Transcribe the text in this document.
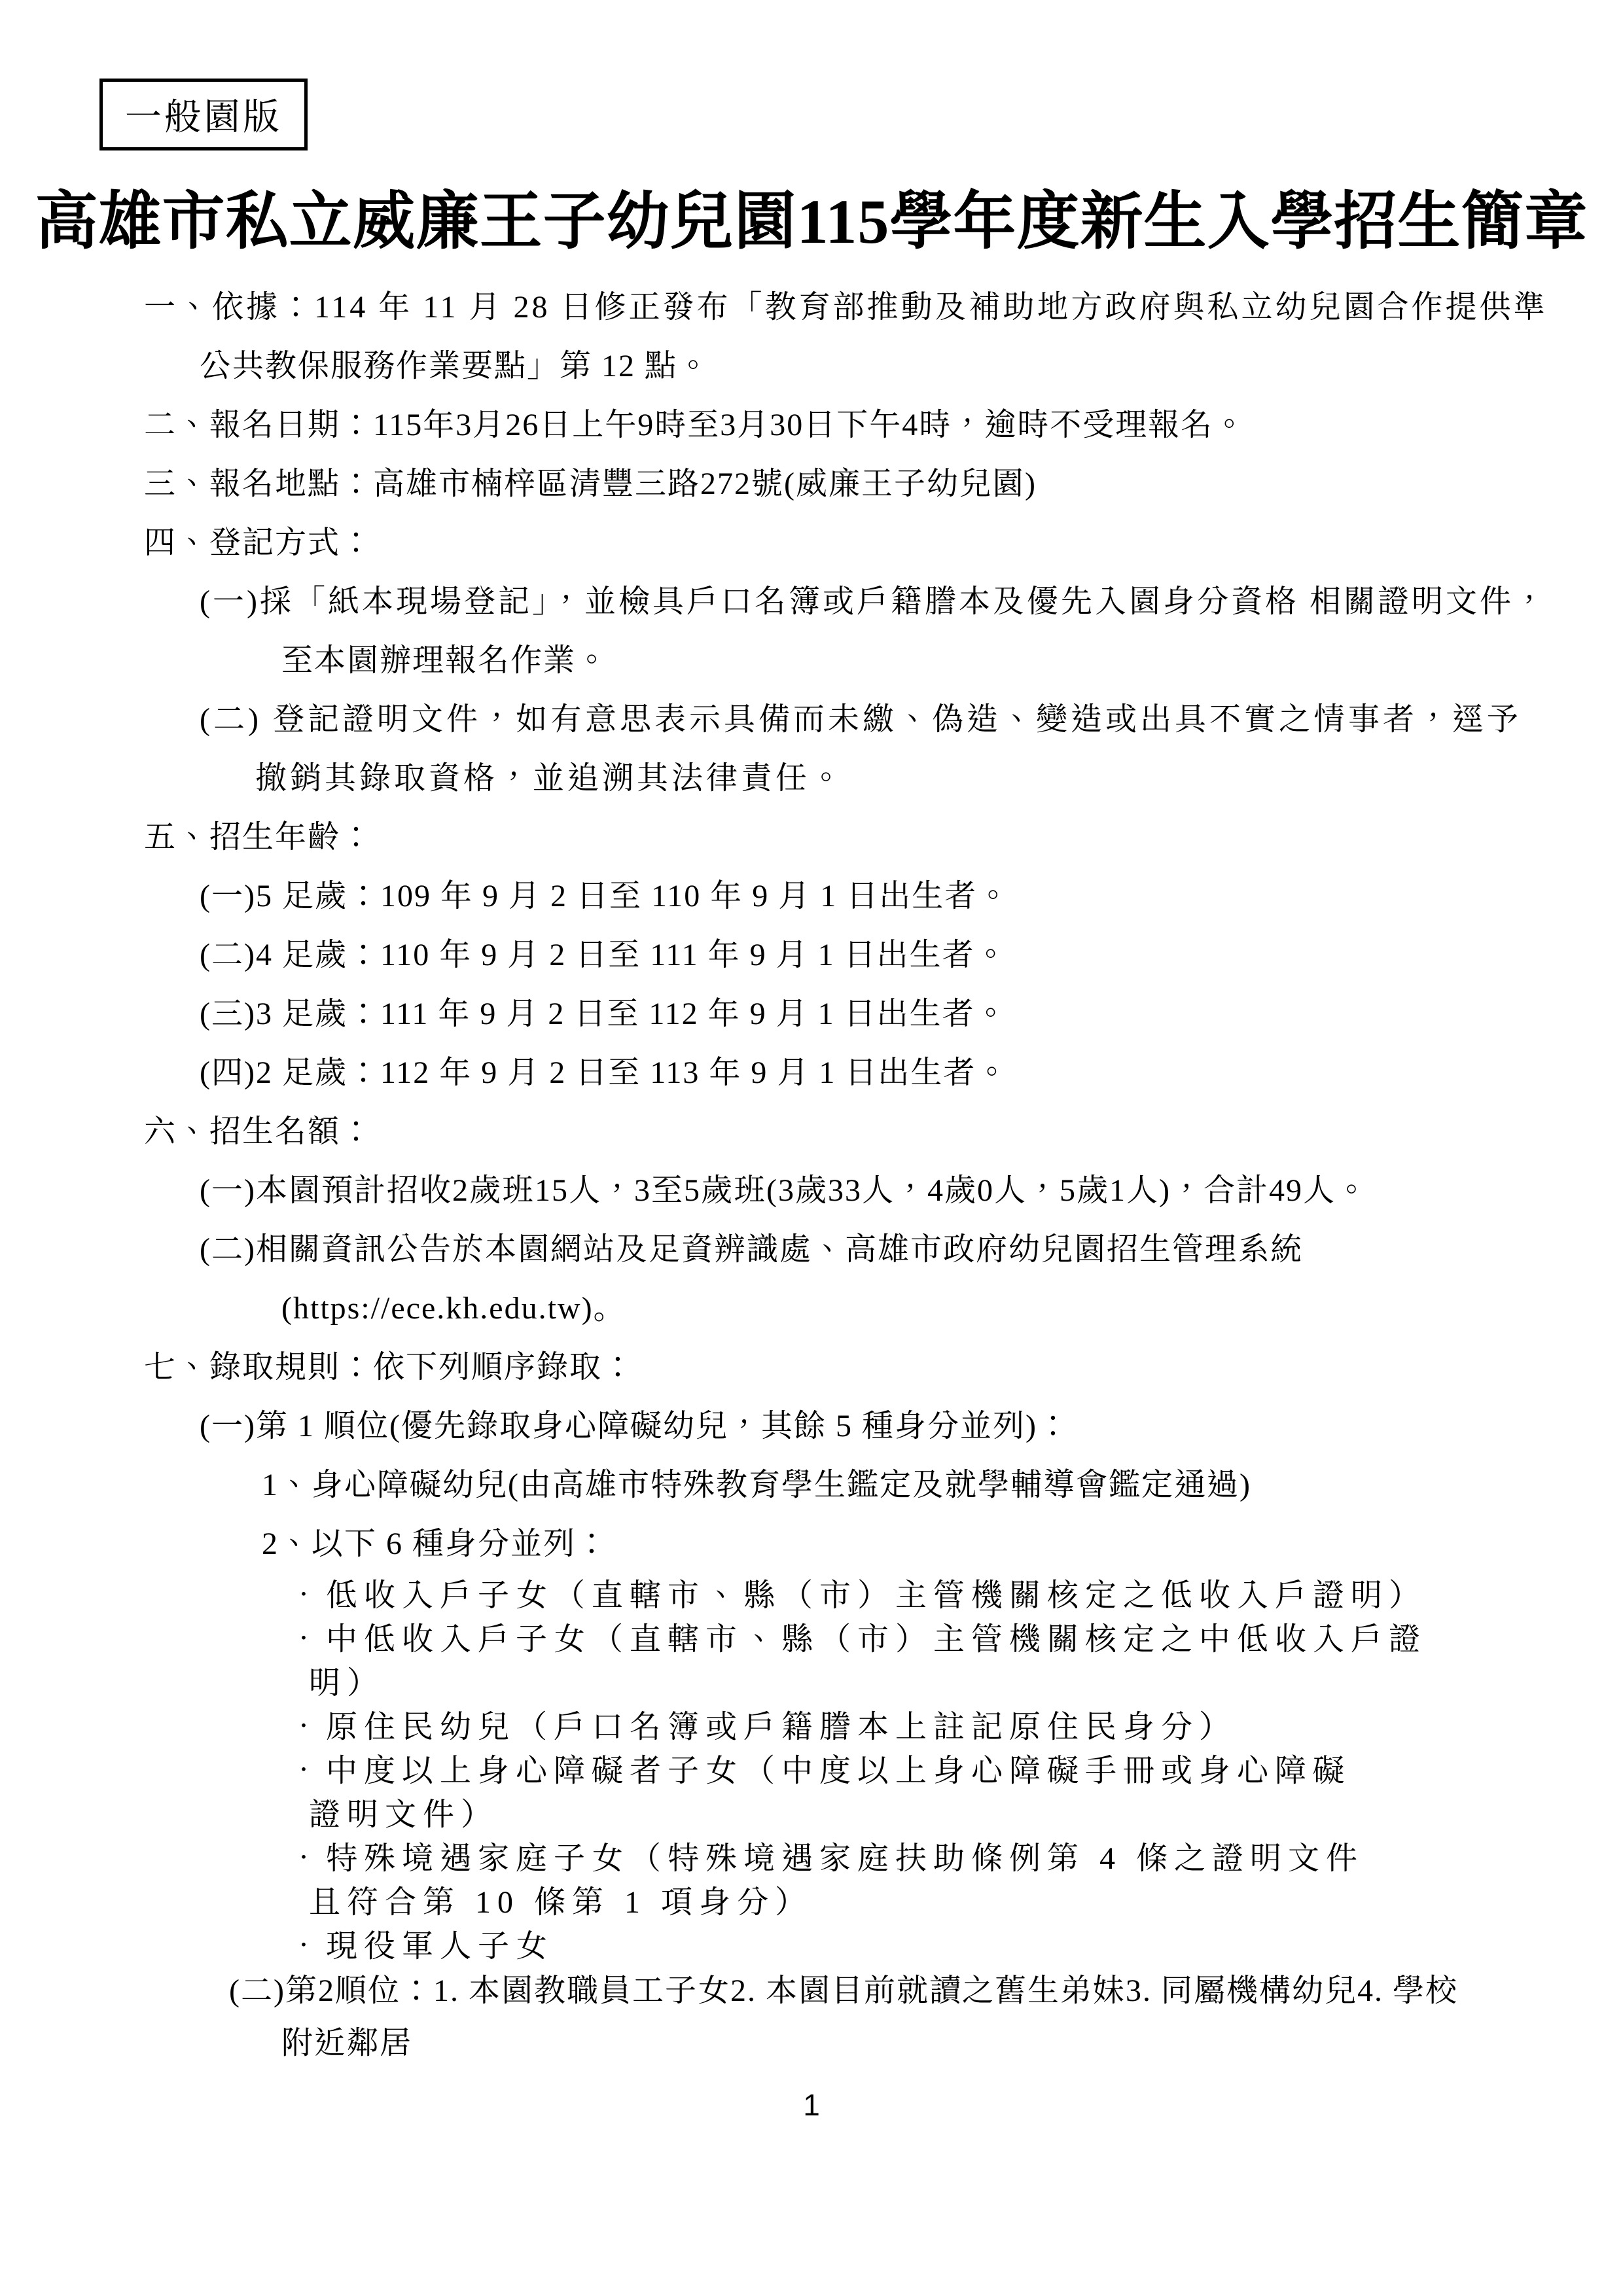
一般園版
高雄市私立威廉王子幼兒園115學年度新生入學招生簡章
一、依據：114 年 11 月 28 日修正發布「教育部推動及補助地方政府與私立幼兒園合作提供準
公共教保服務作業要點」第 12 點。
二、報名日期：115年3月26日上午9時至3月30日下午4時，逾時不受理報名。
三、報名地點：高雄市楠梓區清豐三路272號(威廉王子幼兒園)
四、登記方式：
(一)採「紙本現場登記」，並檢具戶口名簿或戶籍謄本及優先入園身分資格 相關證明文件，
至本園辦理報名作業。
(二) 登記證明文件，如有意思表示具備而未繳、偽造、變造或出具不實之情事者，逕予
撤銷其錄取資格，並追溯其法律責任。
五、招生年齡：
(一)5 足歲：109 年 9 月 2 日至 110 年 9 月 1 日出生者。
(二)4 足歲：110 年 9 月 2 日至 111 年 9 月 1 日出生者。
(三)3 足歲：111 年 9 月 2 日至 112 年 9 月 1 日出生者。
(四)2 足歲：112 年 9 月 2 日至 113 年 9 月 1 日出生者。
六、招生名額：
(一)本園預計招收2歲班15人，3至5歲班(3歲33人，4歲0人，5歲1人)，合計49人。
(二)相關資訊公告於本園網站及足資辨識處、高雄市政府幼兒園招生管理系統
(https://ece.kh.edu.tw)。
七、錄取規則：依下列順序錄取：
(一)第 1 順位(優先錄取身心障礙幼兒，其餘 5 種身分並列)：
1、身心障礙幼兒(由高雄市特殊教育學生鑑定及就學輔導會鑑定通過)
2、以下 6 種身分並列：
‧低收入戶子女（直轄市、縣（市）主管機關核定之低收入戶證明）
‧中低收入戶子女（直轄市、縣（市）主管機關核定之中低收入戶證
明）
‧原住民幼兒（戶口名簿或戶籍謄本上註記原住民身分）
‧中度以上身心障礙者子女（中度以上身心障礙手冊或身心障礙
證明文件）
‧特殊境遇家庭子女（特殊境遇家庭扶助條例第 4 條之證明文件
且符合第 10 條第 1 項身分）
‧現役軍人子女
(二)第2順位：1. 本園教職員工子女2. 本園目前就讀之舊生弟妹3. 同屬機構幼兒4. 學校
附近鄰居
1
